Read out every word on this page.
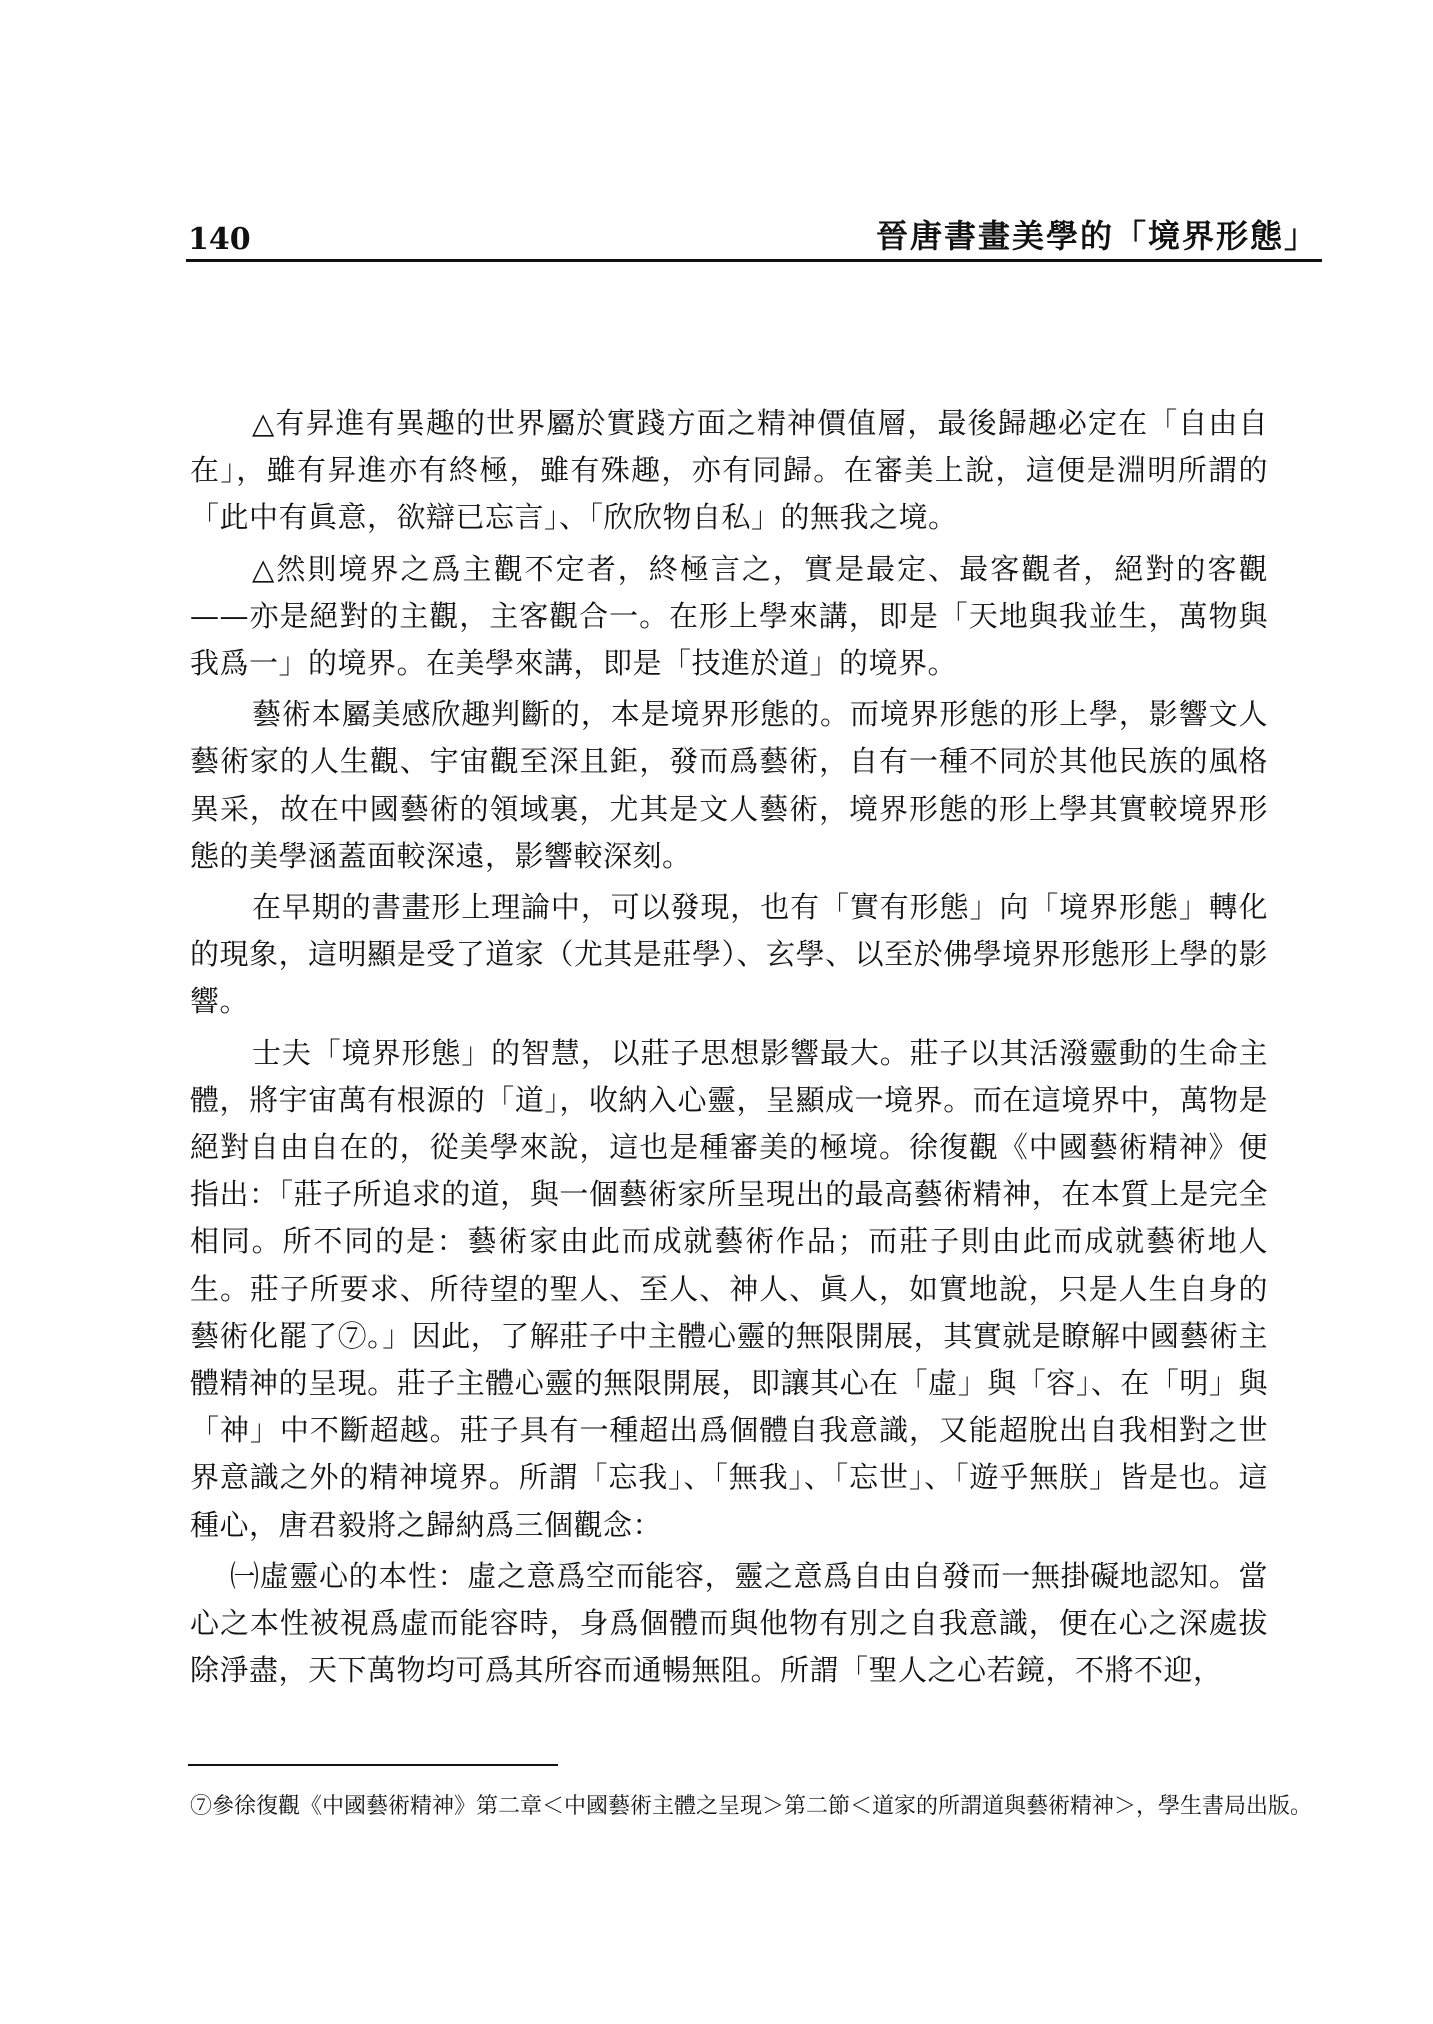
140	晉唐書畫美學的「境界形態」

△有昇進有異趣的世界屬於實踐方面之精神價值層，最後歸趣必定在「自由自在」，雖有昇進亦有終極，雖有殊趣，亦有同歸。在審美上說，這便是淵明所謂的「此中有眞意，欲辯已忘言」、「欣欣物自私」的無我之境。

△然則境界之爲主觀不定者，終極言之，實是最定、最客觀者，絕對的客觀——亦是絕對的主觀，主客觀合一。在形上學來講，即是「天地與我並生，萬物與我爲一」的境界。在美學來講，即是「技進於道」的境界。

藝術本屬美感欣趣判斷的，本是境界形態的。而境界形態的形上學，影響文人藝術家的人生觀、宇宙觀至深且鉅，發而爲藝術，自有一種不同於其他民族的風格異采，故在中國藝術的領域裏，尤其是文人藝術，境界形態的形上學其實較境界形態的美學涵蓋面較深遠，影響較深刻。

在早期的書畫形上理論中，可以發現，也有「實有形態」向「境界形態」轉化的現象，這明顯是受了道家（尤其是莊學）、玄學、以至於佛學境界形態形上學的影響。

士夫「境界形態」的智慧，以莊子思想影響最大。莊子以其活潑靈動的生命主體，將宇宙萬有根源的「道」，收納入心靈，呈顯成一境界。而在這境界中，萬物是絕對自由自在的，從美學來說，這也是種審美的極境。徐復觀《中國藝術精神》便指出：「莊子所追求的道，與一個藝術家所呈現出的最高藝術精神，在本質上是完全相同。所不同的是：藝術家由此而成就藝術作品；而莊子則由此而成就藝術地人生。莊子所要求、所待望的聖人、至人、神人、眞人，如實地說，只是人生自身的藝術化罷了⑦。」因此，了解莊子中主體心靈的無限開展，其實就是瞭解中國藝術主體精神的呈現。莊子主體心靈的無限開展，即讓其心在「虛」與「容」、在「明」與「神」中不斷超越。莊子具有一種超出爲個體自我意識，又能超脫出自我相對之世界意識之外的精神境界。所謂「忘我」、「無我」、「忘世」、「遊乎無朕」皆是也。這種心，唐君毅將之歸納爲三個觀念：

㈠虛靈心的本性：虛之意爲空而能容，靈之意爲自由自發而一無掛礙地認知。當心之本性被視爲虛而能容時，身爲個體而與他物有別之自我意識，便在心之深處拔除淨盡，天下萬物均可爲其所容而通暢無阻。所謂「聖人之心若鏡，不將不迎，

⑦參徐復觀《中國藝術精神》第二章＜中國藝術主體之呈現＞第二節＜道家的所謂道與藝術精神＞，學生書局出版。
